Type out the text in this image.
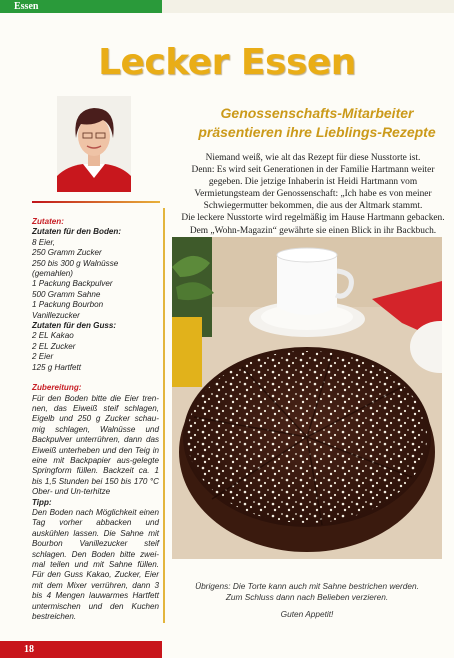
Essen
Lecker Essen
Genossenschafts-Mitarbeiter
präsentieren ihre Lieblings-Rezepte
Niemand weiß, wie alt das Rezept für diese Nusstorte ist.
Denn: Es wird seit Generationen in der Familie Hartmann weiter
gegeben. Die jetzige Inhaberin ist Heidi Hartmann vom
Vermietungsteam der Genossenschaft: „Ich habe es von meiner
Schwiegermutter bekommen, die aus der Altmark stammt.
Die leckere Nusstorte wird regelmäßig im Hause Hartmann gebacken.
Dem „Wohn-Magazin“ gewährte sie einen Blick in ihr Backbuch.
Zutaten:
Zutaten für den Boden:
8 Eier,
250 Gramm Zucker
250 bis 300 g Walnüsse
(gemahlen)
1 Packung Backpulver
500 Gramm Sahne
1 Packung Bourbon
Vanillezucker
Zutaten für den Guss:
2 EL Kakao
2 EL Zucker
2 Eier
125 g Hartfett
Zubereitung:
Für den Boden bitte die Eier tren-nen, das Eiweiß steif schlagen, Eigelb und 250 g Zucker schau-mig schlagen, Walnüsse und Backpulver unterrühren, dann das Eiweiß unterheben und den Teig in eine mit Backpapier aus-gelegte Springform füllen. Backzeit ca. 1 bis 1,5 Stunden bei 150 bis 170 °C Ober- und Un-terhitze
Tipp:
Den Boden nach Möglichkeit einen Tag vorher abbacken und auskühlen lassen. Die Sahne mit Bourbon Vanillezucker steif schlagen. Den Boden bitte zwei-mal teilen und mit Sahne füllen. Für den Guss Kakao, Zucker, Eier mit dem Mixer verrühren, dann 3 bis 4 Mengen lauwarmes Hartfett untermischen und den Kuchen bestreichen.
Übrigens: Die Torte kann auch mit Sahne bestrichen werden.
Zum Schluss dann nach Belieben verzieren.
Guten Appetit!
18
